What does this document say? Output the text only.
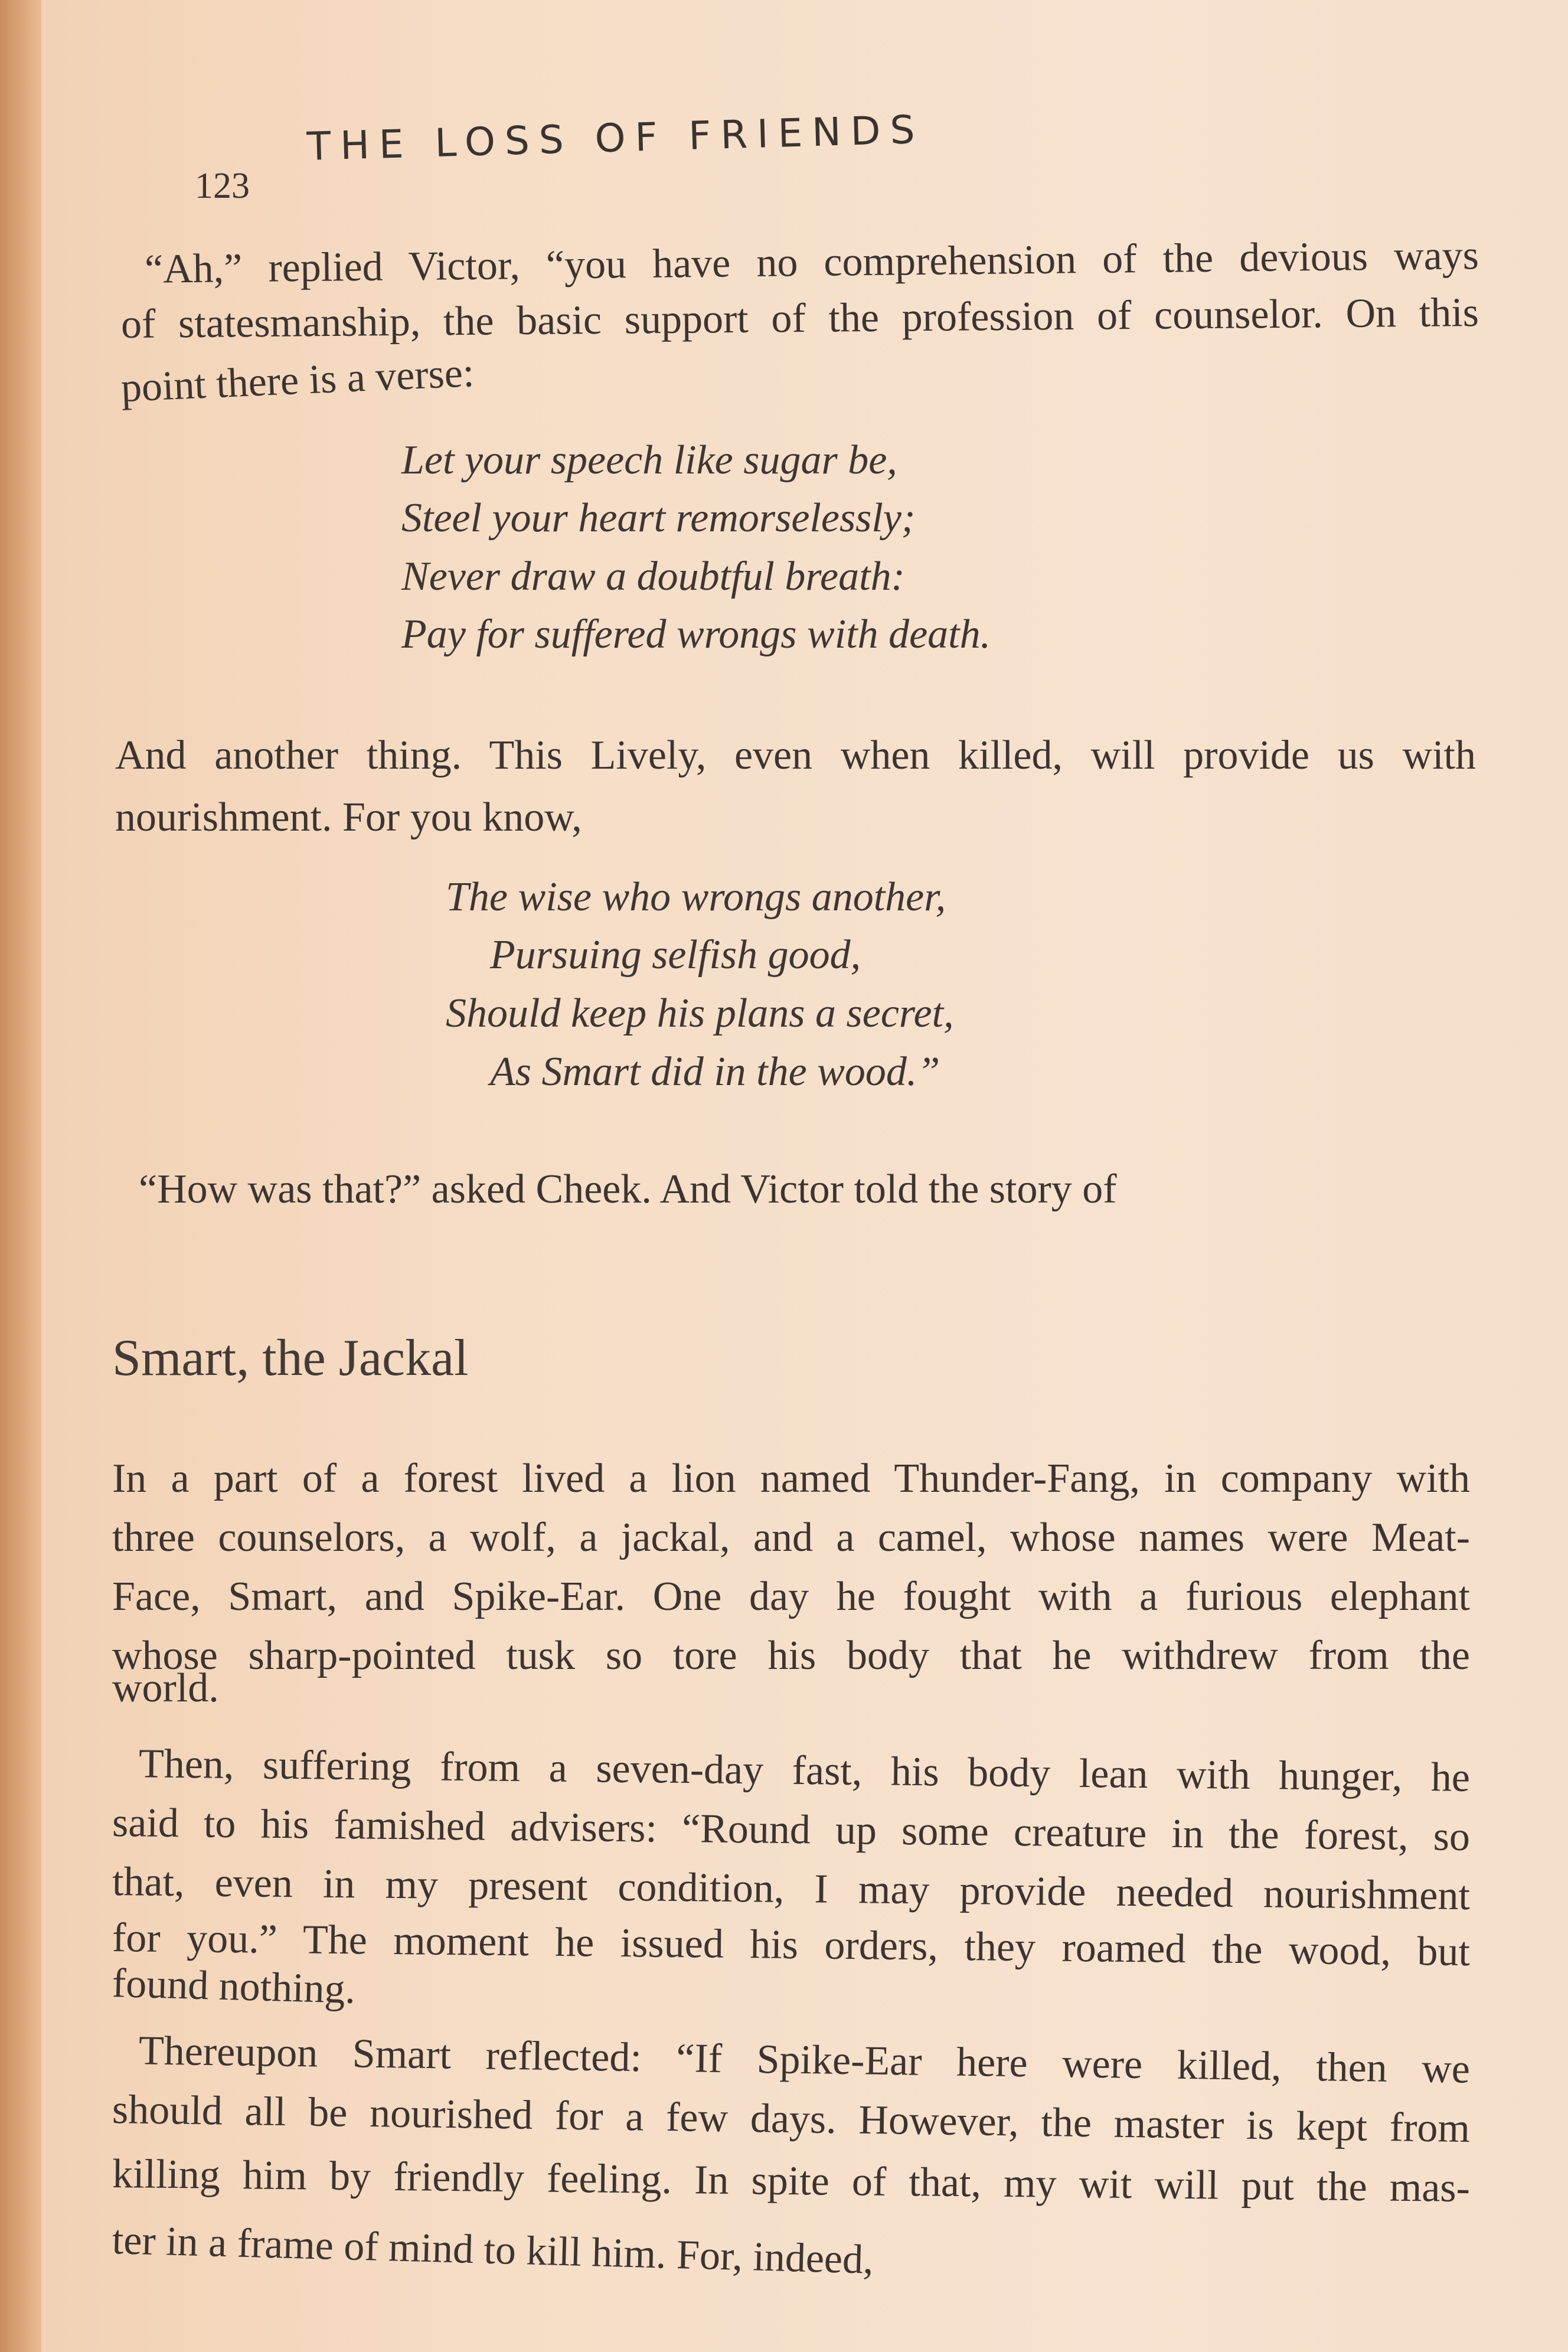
123
THE LOSS OF FRIENDS
“Ah,” replied Victor, “you have no comprehension of the devious ways
of statesmanship, the basic support of the profession of counselor. On this
point there is a verse:
Let your speech like sugar be,
Steel your heart remorselessly;
Never draw a doubtful breath:
Pay for suffered wrongs with death.
And another thing. This Lively, even when killed, will provide us with
nourishment. For you know,
The wise who wrongs another,
Pursuing selfish good,
Should keep his plans a secret,
As Smart did in the wood.”
“How was that?” asked Cheek. And Victor told the story of
Smart, the Jackal
In a part of a forest lived a lion named Thunder-Fang, in company with
three counselors, a wolf, a jackal, and a camel, whose names were Meat-
Face, Smart, and Spike-Ear. One day he fought with a furious elephant
whose sharp-pointed tusk so tore his body that he withdrew from the
world.
Then, suffering from a seven-day fast, his body lean with hunger, he
said to his famished advisers: “Round up some creature in the forest, so
that, even in my present condition, I may provide needed nourishment
for you.” The moment he issued his orders, they roamed the wood, but
found nothing.
Thereupon Smart reflected: “If Spike-Ear here were killed, then we
should all be nourished for a few days. However, the master is kept from
killing him by friendly feeling. In spite of that, my wit will put the mas-
ter in a frame of mind to kill him. For, indeed,
